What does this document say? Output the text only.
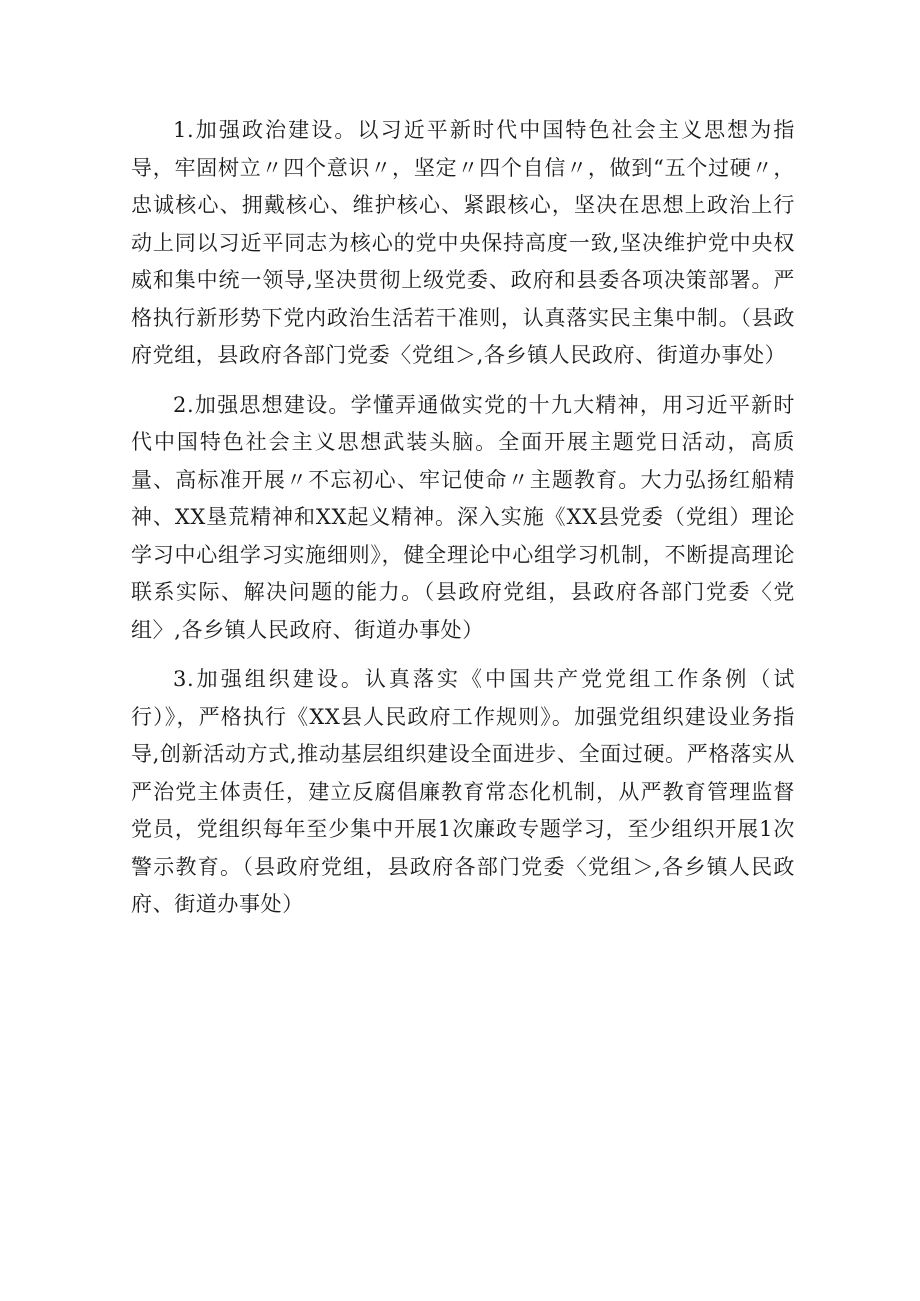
1.加强政治建设。以习近平新时代中国特色社会主义思想为指导，牢固树立〃四个意识〃，坚定〃四个自信〃，做到“五个过硬〃，忠诚核心、拥戴核心、维护核心、紧跟核心，坚决在思想上政治上行动上同以习近平同志为核心的党中央保持高度一致,坚决维护党中央权威和集中统一领导,坚决贯彻上级党委、政府和县委各项决策部署。严格执行新形势下党内政治生活若干准则，认真落实民主集中制。（县政府党组，县政府各部门党委〈党组＞,各乡镇人民政府、街道办事处）

2.加强思想建设。学懂弄通做实党的十九大精神，用习近平新时代中国特色社会主义思想武装头脑。全面开展主题党日活动，高质量、高标准开展〃不忘初心、牢记使命〃主题教育。大力弘扬红船精神、XX垦荒精神和XX起义精神。深入实施《XX县党委（党组）理论学习中心组学习实施细则》，健全理论中心组学习机制，不断提高理论联系实际、解决问题的能力。（县政府党组，县政府各部门党委〈党组〉,各乡镇人民政府、街道办事处）

3.加强组织建设。认真落实《中国共产党党组工作条例（试行）》，严格执行《XX县人民政府工作规则》。加强党组织建设业务指导,创新活动方式,推动基层组织建设全面进步、全面过硬。严格落实从严治党主体责任，建立反腐倡廉教育常态化机制，从严教育管理监督党员，党组织每年至少集中开展1次廉政专题学习，至少组织开展1次警示教育。（县政府党组，县政府各部门党委〈党组＞,各乡镇人民政府、街道办事处）
